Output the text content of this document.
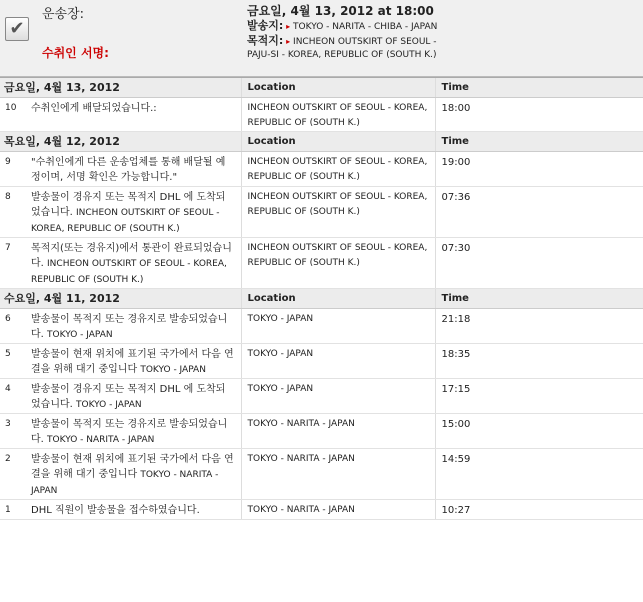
✔
운송장:
수취인 서명:
금요일, 4월 13, 2012 at 18:00
발송지: ▸ TOKYO - NARITA - CHIBA - JAPAN
목적지: ▸ INCHEON OUTSKIRT OF SEOUL -
PAJU-SI - KOREA, REPUBLIC OF (SOUTH K.)
금요일, 4월 13, 2012		Location	Time
10	수취인에게 배달되었습니다.:	INCHEON OUTSKIRT OF SEOUL - KOREA, REPUBLIC OF (SOUTH K.)	18:00
목요일, 4월 12, 2012		Location	Time
9	"수취인에게 다른 운송업체를 통해 배달될 예정이며, 서명 확인은 가능합니다."	INCHEON OUTSKIRT OF SEOUL - KOREA, REPUBLIC OF (SOUTH K.)	19:00
8	발송물이 경유지 또는 목적지 DHL 에 도착되었습니다. INCHEON OUTSKIRT OF SEOUL - KOREA, REPUBLIC OF (SOUTH K.)	INCHEON OUTSKIRT OF SEOUL - KOREA, REPUBLIC OF (SOUTH K.)	07:36
7	목적지(또는 경유지)에서 통관이 완료되었습니다. INCHEON OUTSKIRT OF SEOUL - KOREA, REPUBLIC OF (SOUTH K.)	INCHEON OUTSKIRT OF SEOUL - KOREA, REPUBLIC OF (SOUTH K.)	07:30
수요일, 4월 11, 2012		Location	Time
6	발송물이 목적지 또는 경유지로 발송되었습니다. TOKYO - JAPAN	TOKYO - JAPAN	21:18
5	발송물이 현재 위치에 표기된 국가에서 다음 연결을 위해 대기 중입니다 TOKYO - JAPAN	TOKYO - JAPAN	18:35
4	발송물이 경유지 또는 목적지 DHL 에 도착되었습니다. TOKYO - JAPAN	TOKYO - JAPAN	17:15
3	발송물이 목적지 또는 경유지로 발송되었습니다. TOKYO - NARITA - JAPAN	TOKYO - NARITA - JAPAN	15:00
2	발송물이 현재 위치에 표기된 국가에서 다음 연결을 위해 대기 중입니다 TOKYO - NARITA - JAPAN	TOKYO - NARITA - JAPAN	14:59
1	DHL 직원이 발송물을 접수하였습니다.	TOKYO - NARITA - JAPAN	10:27
